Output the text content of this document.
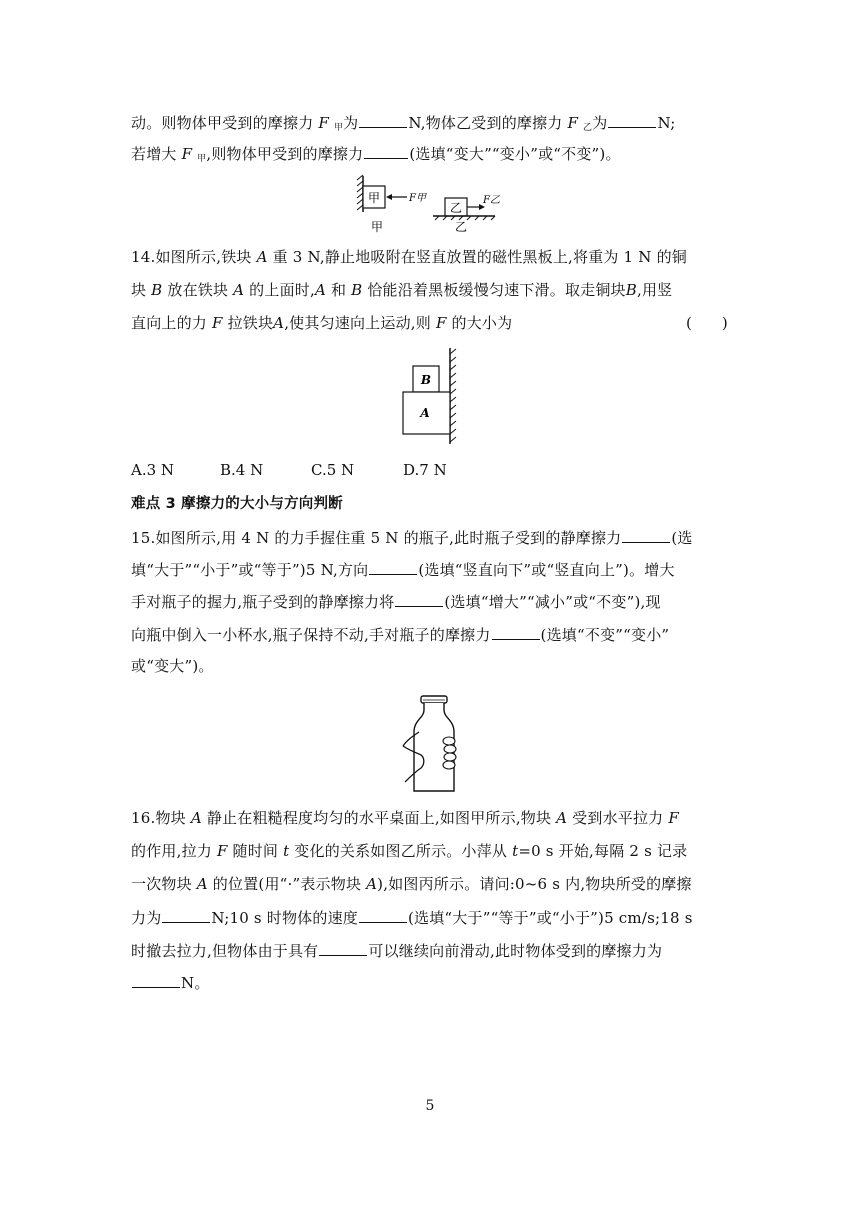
动。则物体甲受到的摩擦力 F $_甲$为	N,物体乙受到的摩擦力 F $_乙$为	N;
若增大 F $_甲$,则物体甲受到的摩擦力	(选填“变大”“变小”或“不变”)。
甲	F甲
乙
F乙
甲	乙
14.如图所示,铁块 A 重 3 N,静止地吸附在竖直放置的磁性黑板上,将重为 1 N 的铜
块 B 放在铁块 A 的上面时,A 和 B 恰能沿着黑板缓慢匀速下滑。取走铜块B,用竖
直向上的力 F 拉铁块A,使其匀速向上运动,则 F 的大小为	(　　)
B
A
A.3 N	B.4 N	C.5 N	D.7 N
难点 3 摩擦力的大小与方向判断
15.如图所示,用 4 N 的力手握住重 5 N 的瓶子,此时瓶子受到的静摩擦力	(选
填“大于”“小于”或“等于”)5 N,方向	(选填“竖直向下”或“竖直向上”)。增大
手对瓶子的握力,瓶子受到的静摩擦力将	(选填“增大”“减小”或“不变”),现
向瓶中倒入一小杯水,瓶子保持不动,手对瓶子的摩擦力	(选填“不变”“变小”
或“变大”)。
16.物块 A 静止在粗糙程度均匀的水平桌面上,如图甲所示,物块 A 受到水平拉力 F
的作用,拉力 F 随时间 t 变化的关系如图乙所示。小萍从 t=0 s 开始,每隔 2 s 记录
一次物块 A 的位置(用“·”表示物块 A),如图丙所示。请问:0~6 s 内,物块所受的摩擦
力为	N;10 s 时物体的速度	(选填“大于”“等于”或“小于”)5 cm/s;18 s
时撤去拉力,但物体由于具有	可以继续向前滑动,此时物体受到的摩擦力为
N。
5
